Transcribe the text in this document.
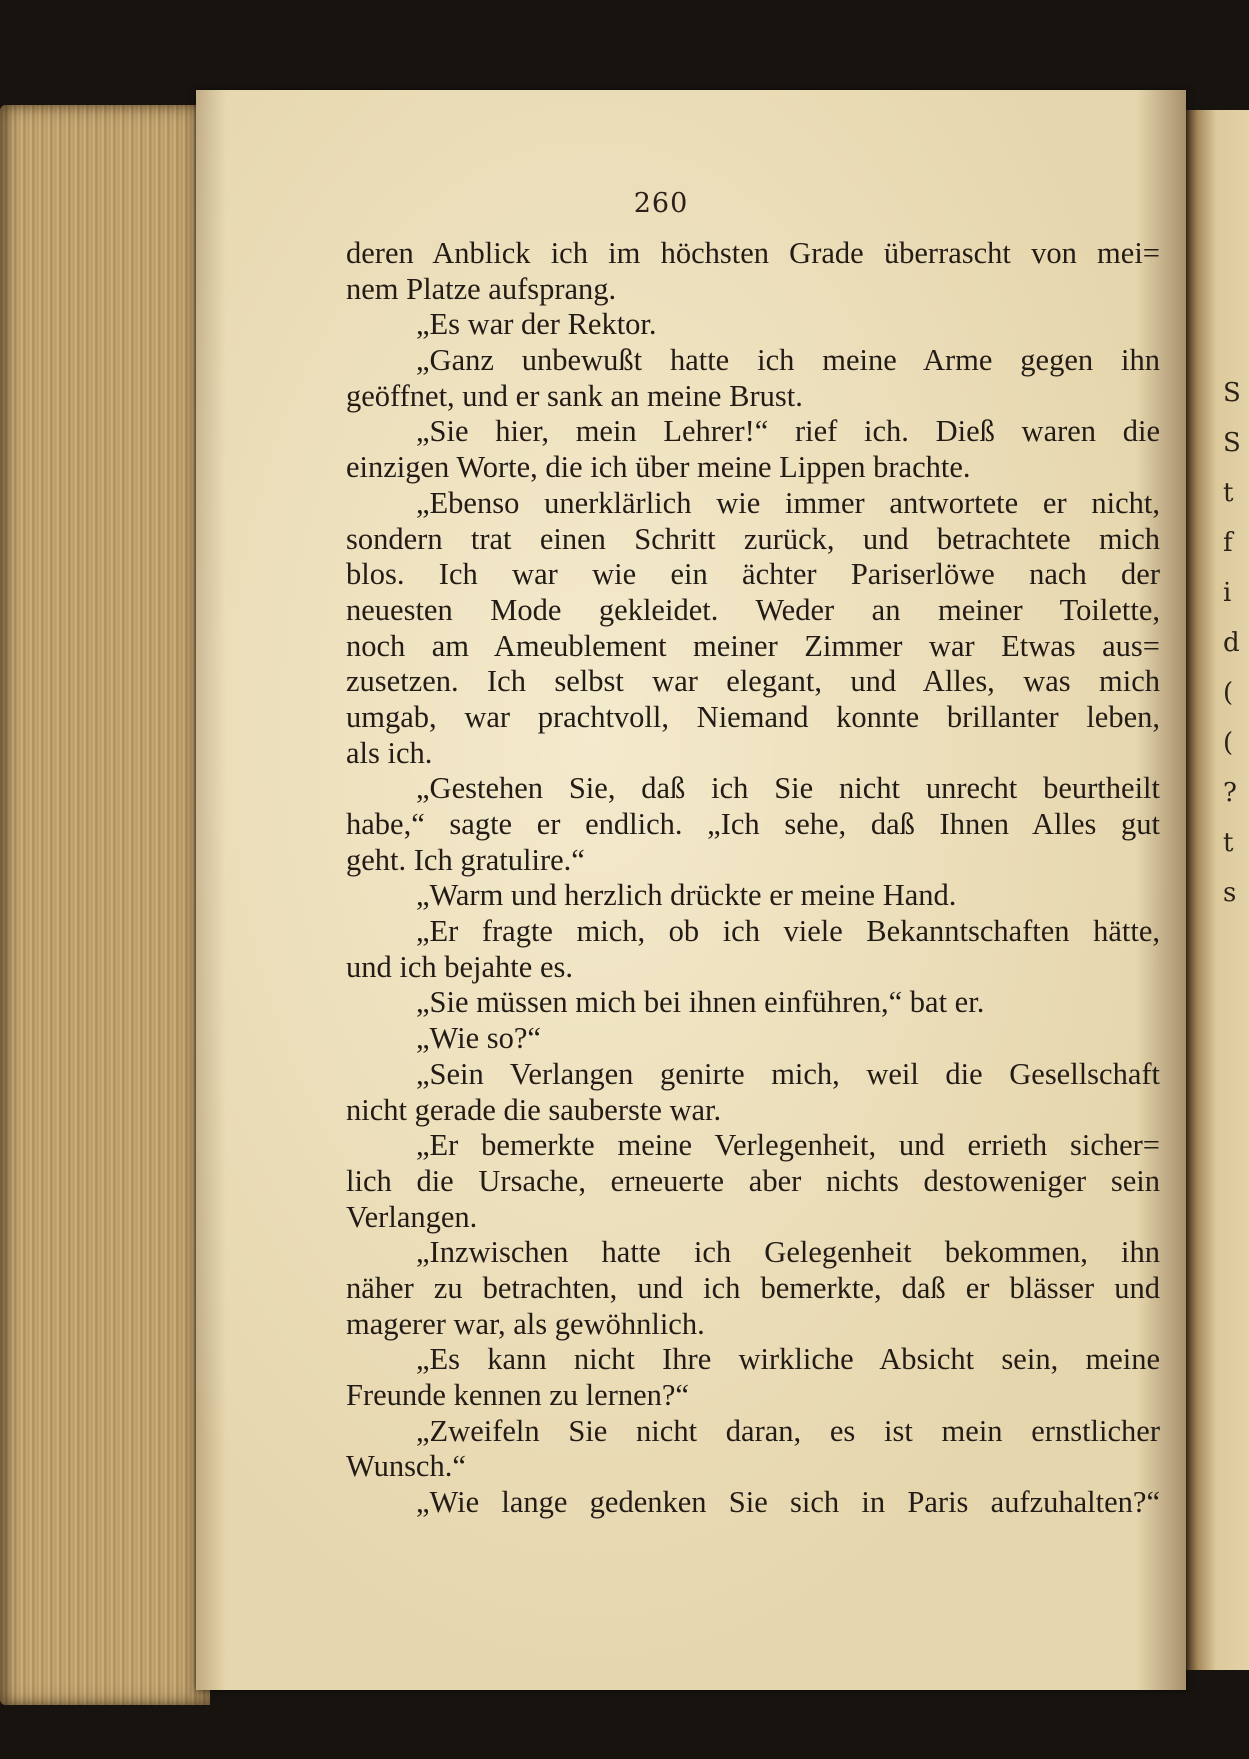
S
S
t
f
i
d
(
(
?
t
s
260
deren Anblick ich im höchsten Grade überrascht von mei=
nem Platze aufsprang.
„Es war der Rektor.
„Ganz unbewußt hatte ich meine Arme gegen ihn
geöffnet, und er sank an meine Brust.
„Sie hier, mein Lehrer!“ rief ich. Dieß waren die
einzigen Worte, die ich über meine Lippen brachte.
„Ebenso unerklärlich wie immer antwortete er nicht,
sondern trat einen Schritt zurück, und betrachtete mich
blos. Ich war wie ein ächter Pariserlöwe nach der
neuesten Mode gekleidet. Weder an meiner Toilette,
noch am Ameublement meiner Zimmer war Etwas aus=
zusetzen. Ich selbst war elegant, und Alles, was mich
umgab, war prachtvoll, Niemand konnte brillanter leben,
als ich.
„Gestehen Sie, daß ich Sie nicht unrecht beurtheilt
habe,“ sagte er endlich. „Ich sehe, daß Ihnen Alles gut
geht. Ich gratulire.“
„Warm und herzlich drückte er meine Hand.
„Er fragte mich, ob ich viele Bekanntschaften hätte,
und ich bejahte es.
„Sie müssen mich bei ihnen einführen,“ bat er.
„Wie so?“
„Sein Verlangen genirte mich, weil die Gesellschaft
nicht gerade die sauberste war.
„Er bemerkte meine Verlegenheit, und errieth sicher=
lich die Ursache, erneuerte aber nichts destoweniger sein
Verlangen.
„Inzwischen hatte ich Gelegenheit bekommen, ihn
näher zu betrachten, und ich bemerkte, daß er blässer und
magerer war, als gewöhnlich.
„Es kann nicht Ihre wirkliche Absicht sein, meine
Freunde kennen zu lernen?“
„Zweifeln Sie nicht daran, es ist mein ernstlicher
Wunsch.“
„Wie lange gedenken Sie sich in Paris aufzuhalten?“
